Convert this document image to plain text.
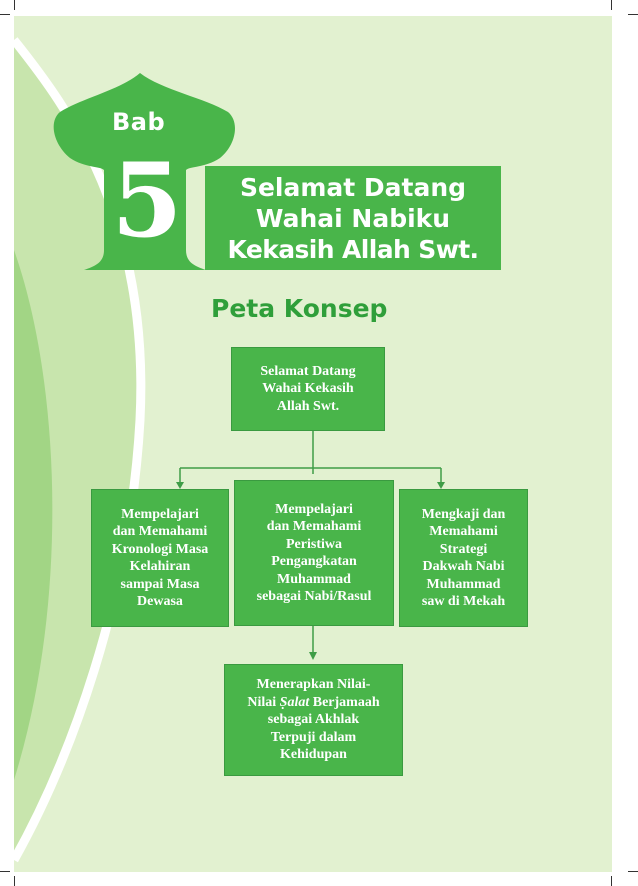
Bab
5	Selamat Datang
Wahai Nabiku
Kekasih Allah Swt.
Peta Konsep
Selamat Datang
Wahai Kekasih
Allah Swt.
Mempelajari
dan Memahami
Kronologi Masa
Kelahiran
sampai Masa
Dewasa
Mempelajari
dan Memahami
Peristiwa
Pengangkatan
Muhammad
sebagai Nabi/Rasul
Mengkaji dan
Memahami
Strategi
Dakwah Nabi
Muhammad
saw di Mekah
Menerapkan Nilai-
Nilai Ṣalat Berjamaah
sebagai Akhlak
Terpuji dalam
Kehidupan
